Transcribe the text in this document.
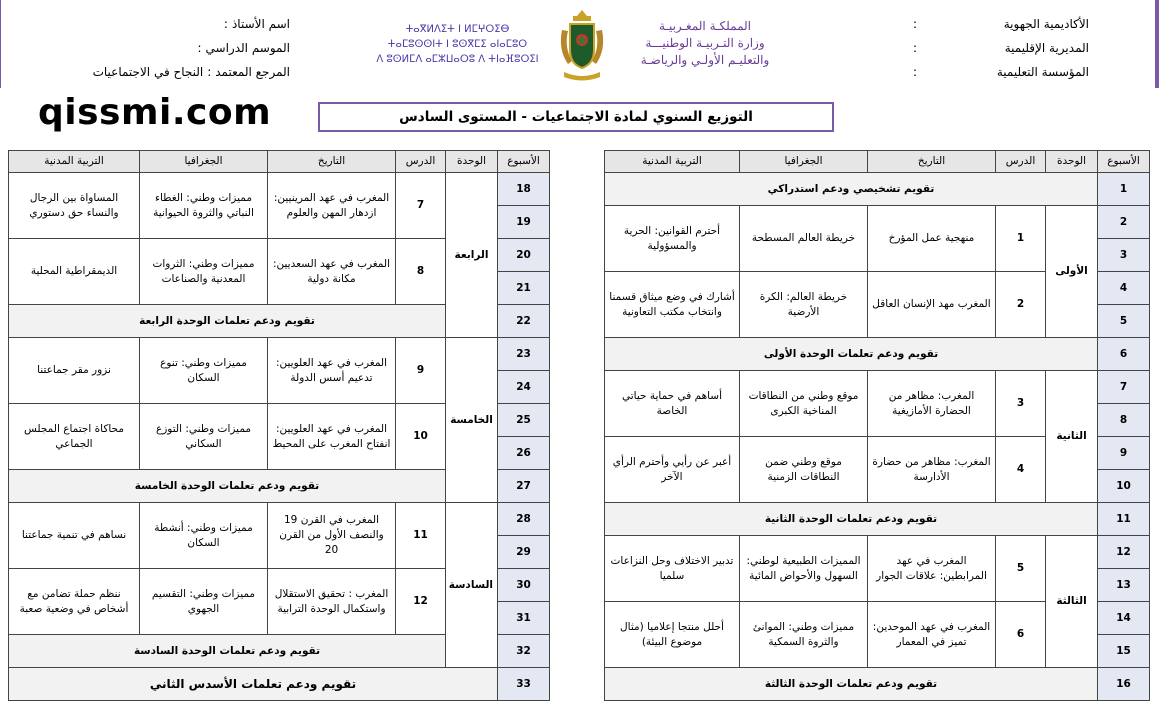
اسم الأستاذ
:
الموسم الدراسي
:
المرجع المعتمد
:
النجاح في الاجتماعيات
الأكاديمية الجهوية
:
المديرية الإقليمية
:
المؤسسة التعليمية
:
ⵜⴰⴳⵍⴷⵉⵜ ⵏ ⵍⵎⵖⵔⵉⴱ
ⵜⴰⵎⵓⵙⵙⵏⵜ ⵏ ⵓⵙⴳⵎⵉ ⴰⵏⴰⵎⵓⵔ
ⴷ ⵓⵙⵍⵎⴷ ⴰⵎⵣⵡⴰⵔⵓ ⴷ ⵜⵏⴰⴼⵓⵔⵉⵏ
المملكـة المغـربيـة
وزارة التـربيـة الوطنيـــة
والتعليـم الأولـي والرياضـة
qissmi.com	التوزيع السنوي لمادة الاجتماعيات - المستوى السادس
الأسبوع	الوحدة	الدرس	التاريخ	الجغرافيا	التربية المدنية
1	تقويم تشخيصي ودعم استدراكي				
2	الأولى	1	منهجية عمل المؤرخ	خريطة العالم المسطحة	أحترم القوانين: الحرية والمسؤولية
3					
4		2	المغرب مهد الإنسان العاقل	خريطة العالم: الكرة الأرضية	أشارك في وضع ميثاق قسمنا وانتخاب مكتب التعاونية
5					
6	تقويم ودعم تعلمات الوحدة الأولى				
7	الثانية	3	المغرب: مظاهر من الحضارة الأمازيغية	موقع وطني من النطاقات المناخية الكبرى	أساهم في حماية حياتي الخاصة
8					
9		4	المغرب: مظاهر من حضارة الأدارسة	موقع وطني ضمن النطاقات الزمنية	أعبر عن رأيي وأحترم الرأي الآخر
10					
11	تقويم ودعم تعلمات الوحدة الثانية				
12	الثالثة	5	المغرب في عهد المرابطين: علاقات الجوار	المميزات الطبيعية لوطني: السهول والأحواض المائية	تدبير الاختلاف وحل النزاعات سلميا
13					
14		6	المغرب في عهد الموحدين: تميز في المعمار	مميزات وطني: الموانئ والثروة السمكية	أحلل منتجا إعلاميا (مثال موضوع البيئة)
15					
16	تقويم ودعم تعلمات الوحدة الثالثة				
الأسبوع	الوحدة	الدرس	التاريخ	الجغرافيا	التربية المدنية
18	الرابعة	7	المغرب في عهد المرينيين: ازدهار المهن والعلوم	مميزات وطني: الغطاء النباتي والثروة الحيوانية	المساواة بين الرجال والنساء حق دستوري
19					
20		8	المغرب في عهد السعديين: مكانة دولية	مميزات وطني: الثروات المعدنية والصناعات	الديمقراطية المحلية
21					
22		تقويم ودعم تعلمات الوحدة الرابعة			
23	الخامسة	9	المغرب في عهد العلويين: تدعيم أسس الدولة	مميزات وطني: تنوع السكان	نزور مقر جماعتنا
24					
25		10	المغرب في عهد العلويين: انفتاح المغرب على المحيط	مميزات وطني: التوزع السكاني	محاكاة اجتماع المجلس الجماعي
26					
27		تقويم ودعم تعلمات الوحدة الخامسة			
28	السادسة	11	المغرب في القرن 19 والنصف الأول من القرن 20	مميزات وطني: أنشطة السكان	نساهم في تنمية جماعتنا
29					
30		12	المغرب : تحقيق الاستقلال واستكمال الوحدة الترابية	مميزات وطني: التقسيم الجهوي	ننظم حملة تضامن مع أشخاص في وضعية صعبة
31					
32		تقويم ودعم تعلمات الوحدة السادسة			
33	تقويم ودعم تعلمات الأسدس الثاني				
